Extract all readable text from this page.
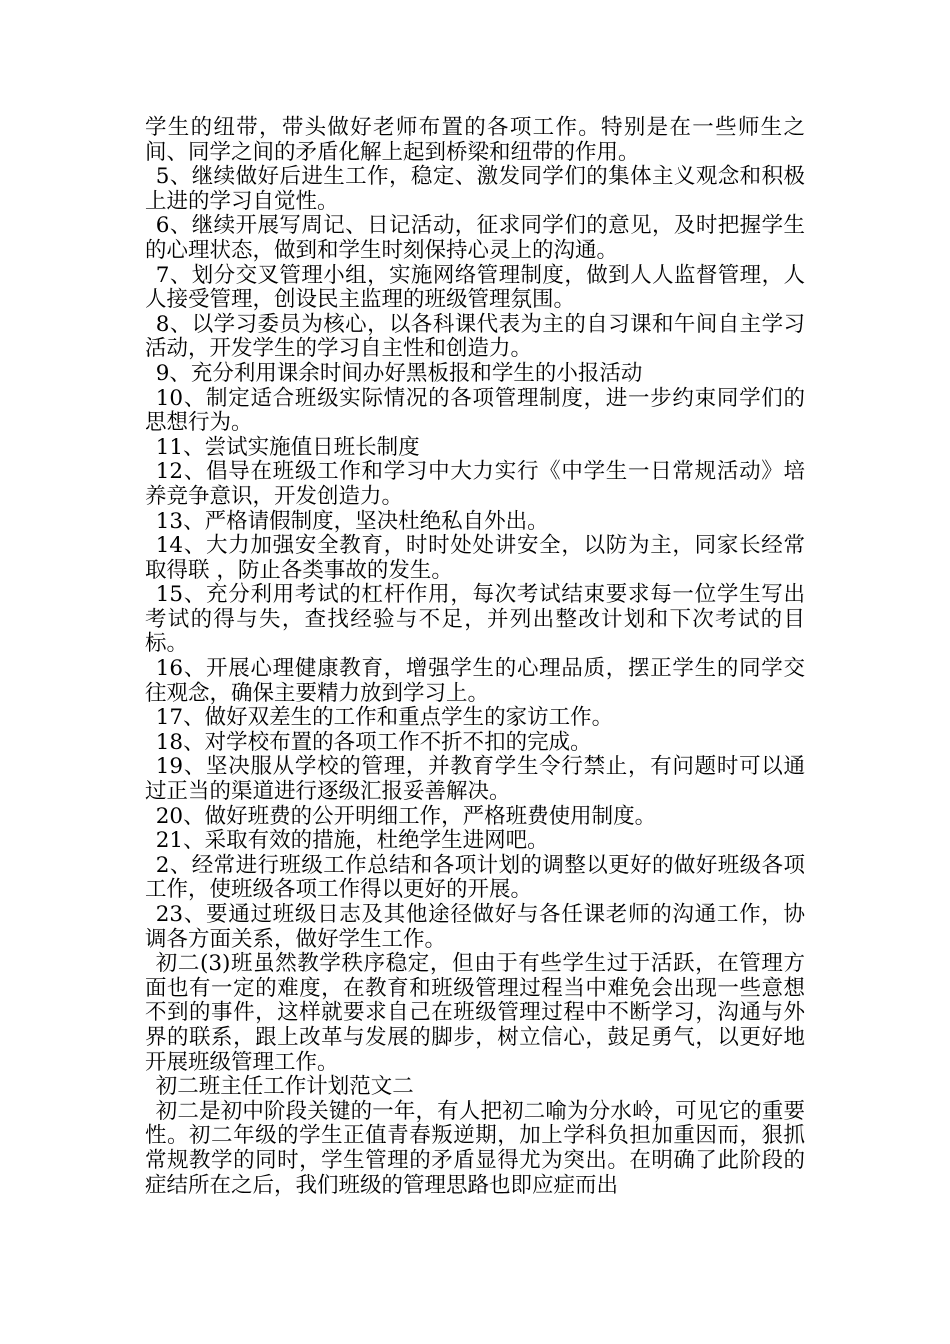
学生的纽带，带头做好老师布置的各项工作。特别是在一些师生之间、同学之间的矛盾化解上起到桥梁和纽带的作用。

5、继续做好后进生工作，稳定、激发同学们的集体主义观念和积极上进的学习自觉性。

6、继续开展写周记、日记活动，征求同学们的意见，及时把握学生的心理状态，做到和学生时刻保持心灵上的沟通。

7、划分交叉管理小组，实施网络管理制度，做到人人监督管理，人人接受管理，创设民主监理的班级管理氛围。

8、以学习委员为核心，以各科课代表为主的自习课和午间自主学习活动，开发学生的学习自主性和创造力。

9、充分利用课余时间办好黑板报和学生的小报活动

10、制定适合班级实际情况的各项管理制度，进一步约束同学们的思想行为。

11、尝试实施值日班长制度

12、倡导在班级工作和学习中大力实行《中学生一日常规活动》培养竞争意识，开发创造力。

13、严格请假制度，坚决杜绝私自外出。

14、大力加强安全教育，时时处处讲安全，以防为主，同家长经常取得联 ，防止各类事故的发生。

15、充分利用考试的杠杆作用，每次考试结束要求每一位学生写出考试的得与失，查找经验与不足，并列出整改计划和下次考试的目标。

16、开展心理健康教育，增强学生的心理品质，摆正学生的同学交往观念，确保主要精力放到学习上。

17、做好双差生的工作和重点学生的家访工作。

18、对学校布置的各项工作不折不扣的完成。

19、坚决服从学校的管理，并教育学生令行禁止，有问题时可以通过正当的渠道进行逐级汇报妥善解决。

20、做好班费的公开明细工作，严格班费使用制度。

21、采取有效的措施，杜绝学生进网吧。

2、经常进行班级工作总结和各项计划的调整以更好的做好班级各项工作，使班级各项工作得以更好的开展。

23、要通过班级日志及其他途径做好与各任课老师的沟通工作，协调各方面关系，做好学生工作。

初二(3)班虽然教学秩序稳定，但由于有些学生过于活跃，在管理方面也有一定的难度，在教育和班级管理过程当中难免会出现一些意想不到的事件，这样就要求自己在班级管理过程中不断学习，沟通与外界的联系，跟上改革与发展的脚步，树立信心，鼓足勇气，以更好地开展班级管理工作。

初二班主任工作计划范文二

初二是初中阶段关键的一年，有人把初二喻为分水岭，可见它的重要性。初二年级的学生正值青春叛逆期，加上学科负担加重因而，狠抓常规教学的同时，学生管理的矛盾显得尤为突出。在明确了此阶段的症结所在之后，我们班级的管理思路也即应症而出
